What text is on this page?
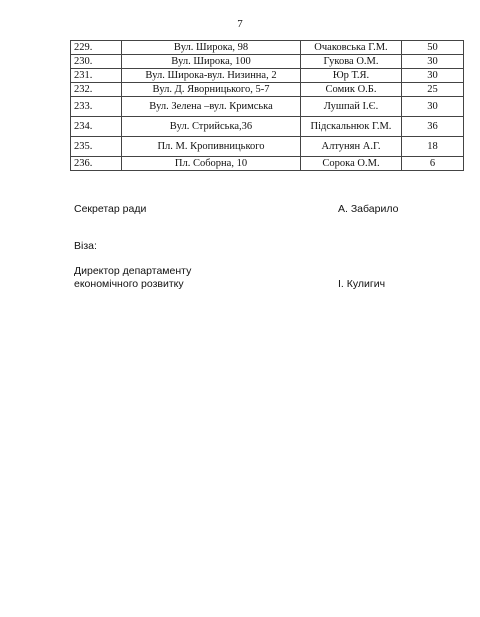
7
229.	Вул. Широка, 98	Очаковська Г.М.	50
230.	Вул. Широка, 100	Гукова О.М.	30
231.	Вул. Широка-вул. Низинна, 2	Юр Т.Я.	30
232.	Вул. Д. Яворницького, 5-7	Сомик О.Б.	25
233.	Вул. Зелена –вул. Кримська	Лушпай І.Є.	30
234.	Вул. Стрийська,36	Підскальнюк Г.М.	36
235.	Пл. М. Кропивницького	Алтунян А.Г.	18
236.	Пл. Соборна, 10	Сорока О.М.	6
Секретар ради	А. Забарило
Віза:
Директор департаменту
економічного розвитку	І. Кулигич
